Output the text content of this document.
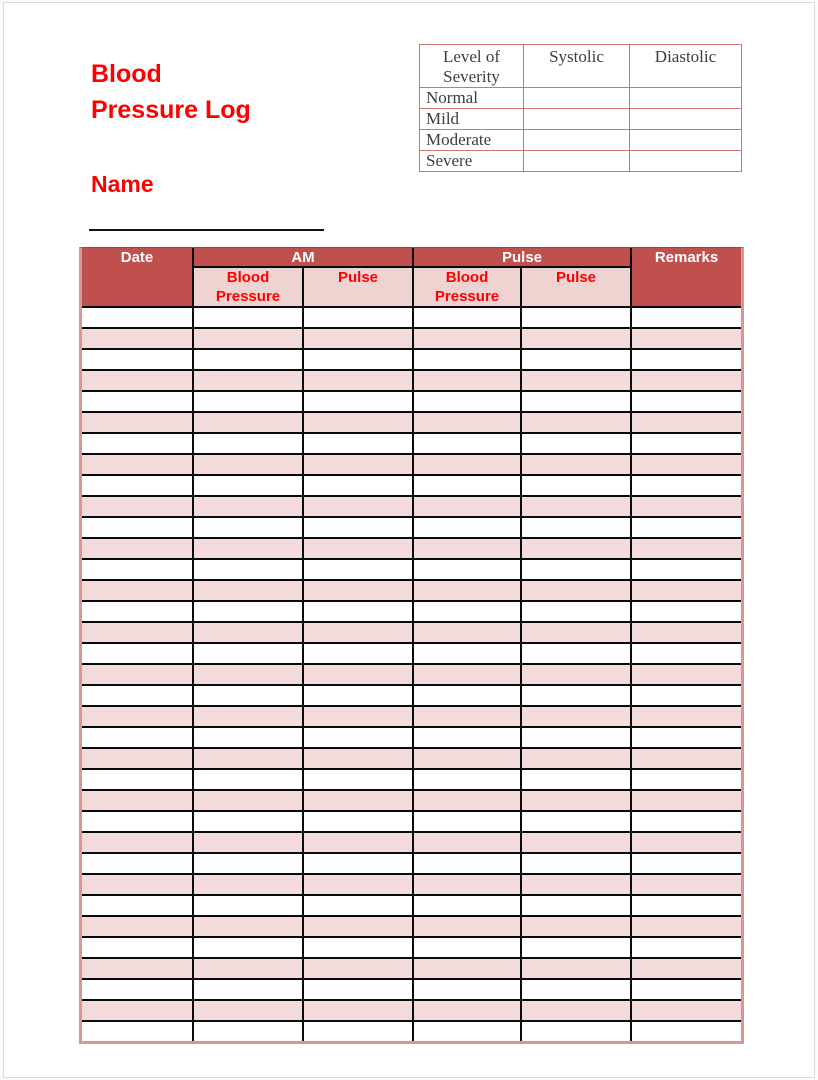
Blood
Pressure Log
Name
Level of Severity	Systolic	Diastolic
Normal		
Mild		
Moderate		
Severe		
Date	AM		Pulse		Remarks
	Blood Pressure	Pulse	Blood Pressure	Pulse	
